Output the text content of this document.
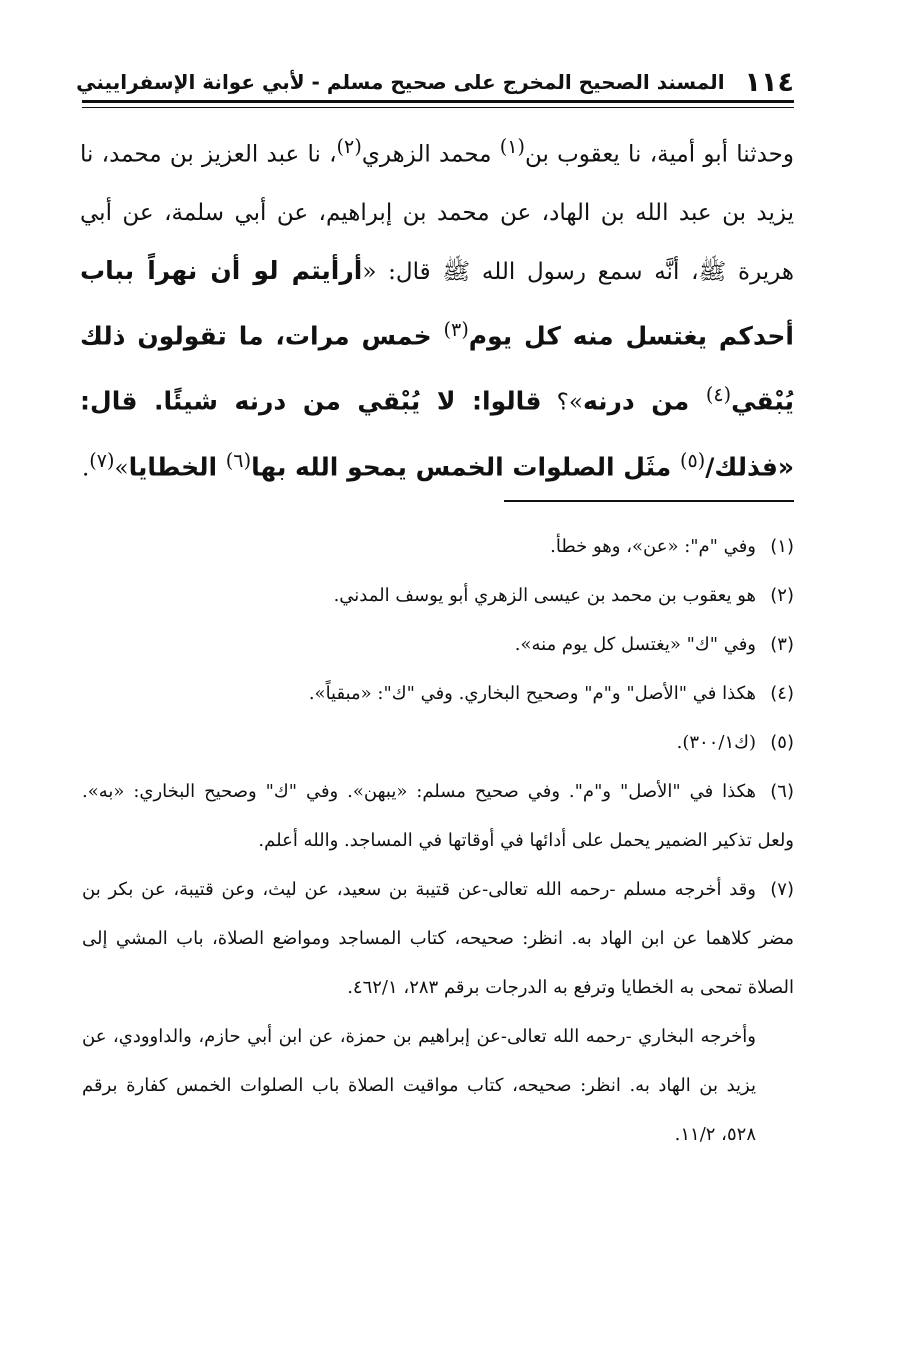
١١٤
المسند الصحيح المخرج على صحيح مسلم - لأبي عوانة الإسفراييني
وحدثنا أبو أمية، نا يعقوب بن$^{(١)}$ محمد الزهري$^{(٢)}$، نا عبد العزيز بن محمد، نا يزيد بن عبد الله بن الهاد، عن محمد بن إبراهيم، عن أبي سلمة، عن أبي هريرة ﷺ، أنَّه سمع رسول الله ﷺ قال: «أرأيتم لو أن نهراً بباب أحدكم يغتسل منه كل يوم$^{(٣)}$ خمس مرات، ما تقولون ذلك يُبْقي$^{(٤)}$ من درنه»؟ قالوا: لا يُبْقي من درنه شيئًا. قال: «فذلك/$^{(٥)}$ مثَل الصلوات الخمس يمحو الله بها$^{(٦)}$ الخطايا»$^{(٧)}$.
(١)وفي "م": «عن»، وهو خطأ.
(٢)هو يعقوب بن محمد بن عيسى الزهري أبو يوسف المدني.
(٣)وفي "ك" «يغتسل كل يوم منه».
(٤)هكذا في "الأصل" و"م" وصحيح البخاري. وفي "ك": «مبقياً».
(٥)(ك٣٠٠/١).
(٦)هكذا في "الأصل" و"م". وفي صحيح مسلم: «يبهن». وفي "ك" وصحيح البخاري: «به». ولعل تذكير الضمير يحمل على أدائها في أوقاتها في المساجد. والله أعلم.
(٧)وقد أخرجه مسلم -رحمه الله تعالى-عن قتيبة بن سعيد، عن ليث، وعن قتيبة، عن بكر بن مضر كلاهما عن ابن الهاد به. انظر: صحيحه، كتاب المساجد ومواضع الصلاة، باب المشي إلى الصلاة تمحى به الخطايا وترفع به الدرجات برقم ٢٨٣، ٤٦٢/١.
وأخرجه البخاري -رحمه الله تعالى-عن إبراهيم بن حمزة، عن ابن أبي حازم، والداوودي، عن يزيد بن الهاد به. انظر: صحيحه، كتاب مواقيت الصلاة باب الصلوات الخمس كفارة برقم ٥٢٨، ١١/٢.
